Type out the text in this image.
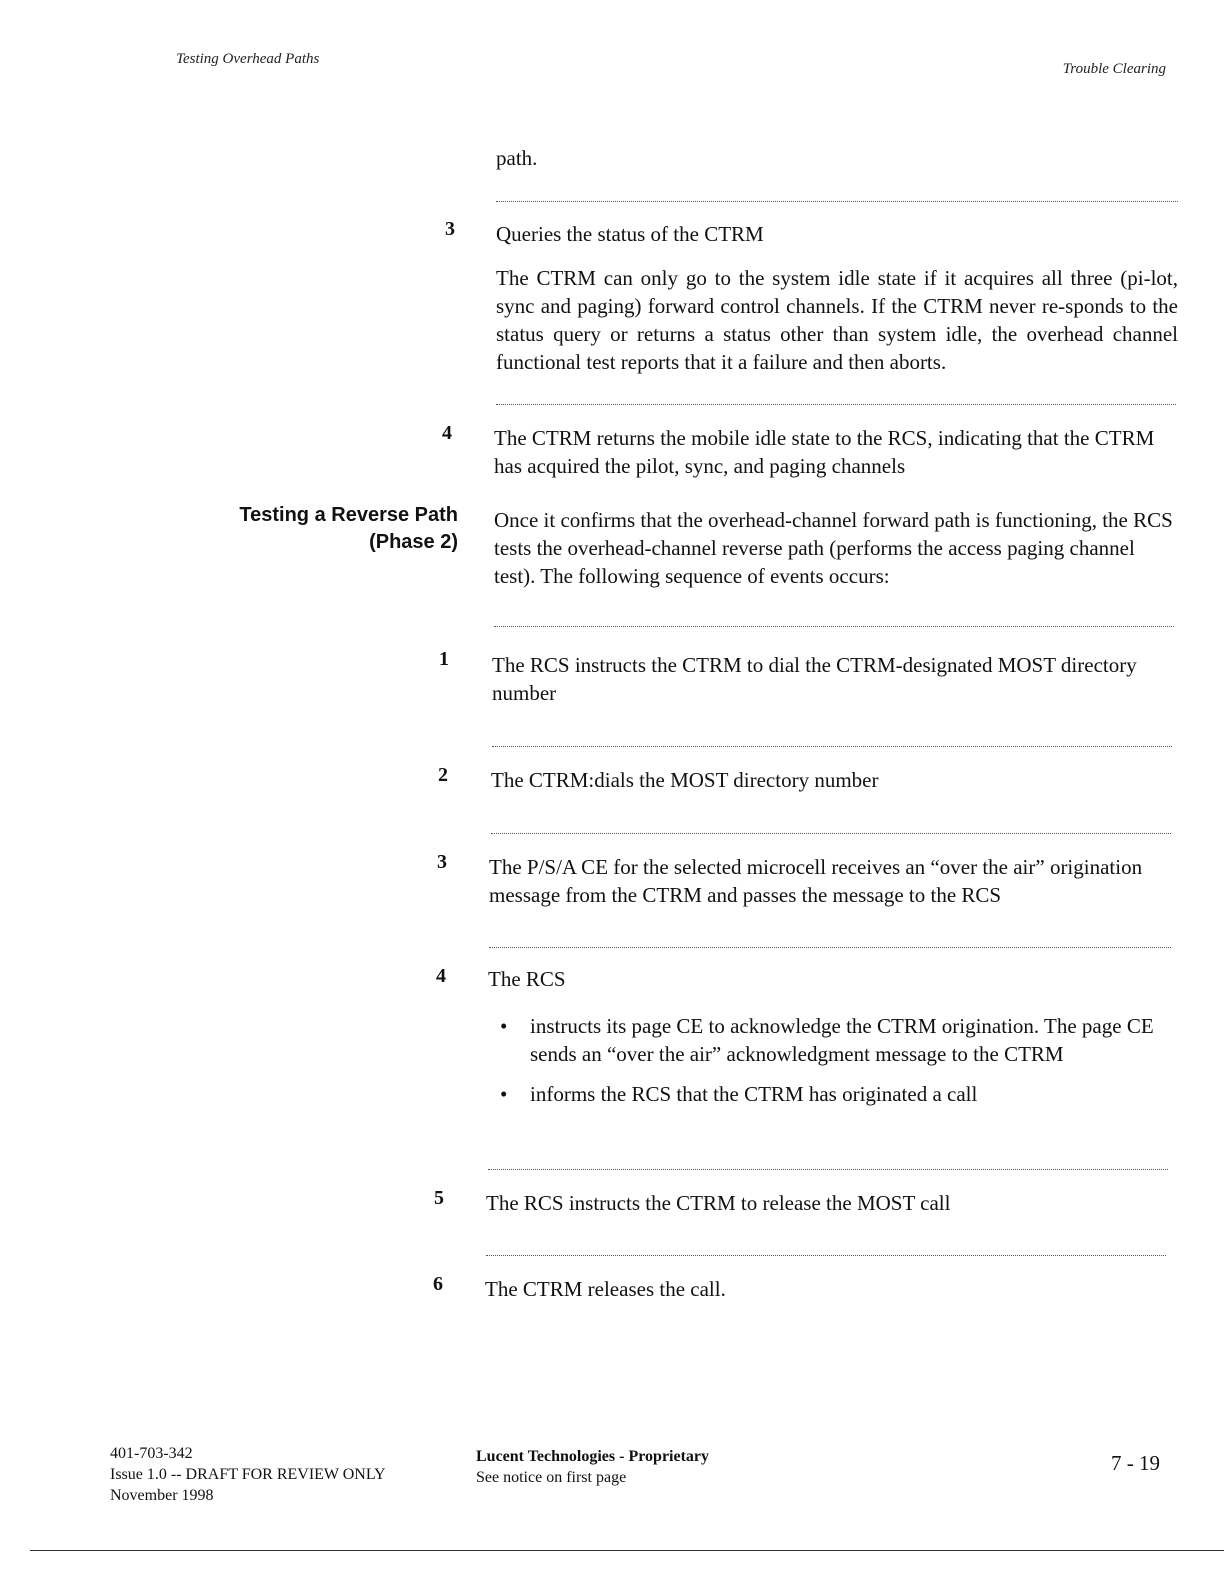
Testing Overhead Paths
Trouble Clearing
path.
3 Queries the status of the CTRM
The CTRM can only go to the system idle state if it acquires all three (pi-lot, sync and paging) forward control channels. If the CTRM never re-sponds to the status query or returns a status other than system idle, the overhead channel functional test reports that it a failure and then aborts.
4 The CTRM returns the mobile idle state to the RCS, indicating that the CTRM has acquired the pilot, sync, and paging channels
Testing a Reverse Path
(Phase 2)
Once it confirms that the overhead-channel forward path is functioning, the RCS tests the overhead-channel reverse path (performs the access paging channel test). The following sequence of events occurs:
1 The RCS instructs the CTRM to dial the CTRM-designated MOST directory number
2 The CTRM:dials the MOST directory number
3 The P/S/A CE for the selected microcell receives an “over the air” origination message from the CTRM and passes the message to the RCS
4 The RCS
• instructs its page CE to acknowledge the CTRM origination. The page CE sends an “over the air” acknowledgment message to the CTRM
• informs the RCS that the CTRM has originated a call
5 The RCS instructs the CTRM to release the MOST call
6 The CTRM releases the call.
401-703-342
Issue 1.0 -- DRAFT FOR REVIEW ONLY
November 1998
Lucent Technologies - Proprietary
See notice on first page
7 - 19
